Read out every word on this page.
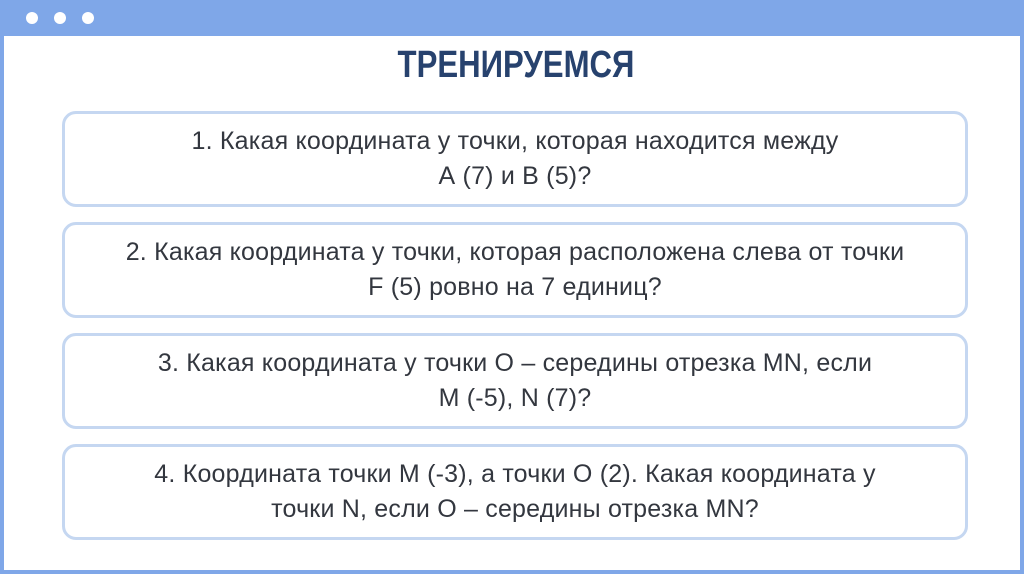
ТРЕНИРУЕМСЯ
1. Какая координата у точки, которая находится между
А (7) и В (5)?
2. Какая координата у точки, которая расположена слева от точки
F (5) ровно на 7 единиц?
3. Какая координата у точки О – середины отрезка MN, если
M (-5), N (7)?
4. Координата точки М (-3), а точки О (2). Какая координата у
точки N, если О – середины отрезка MN?
